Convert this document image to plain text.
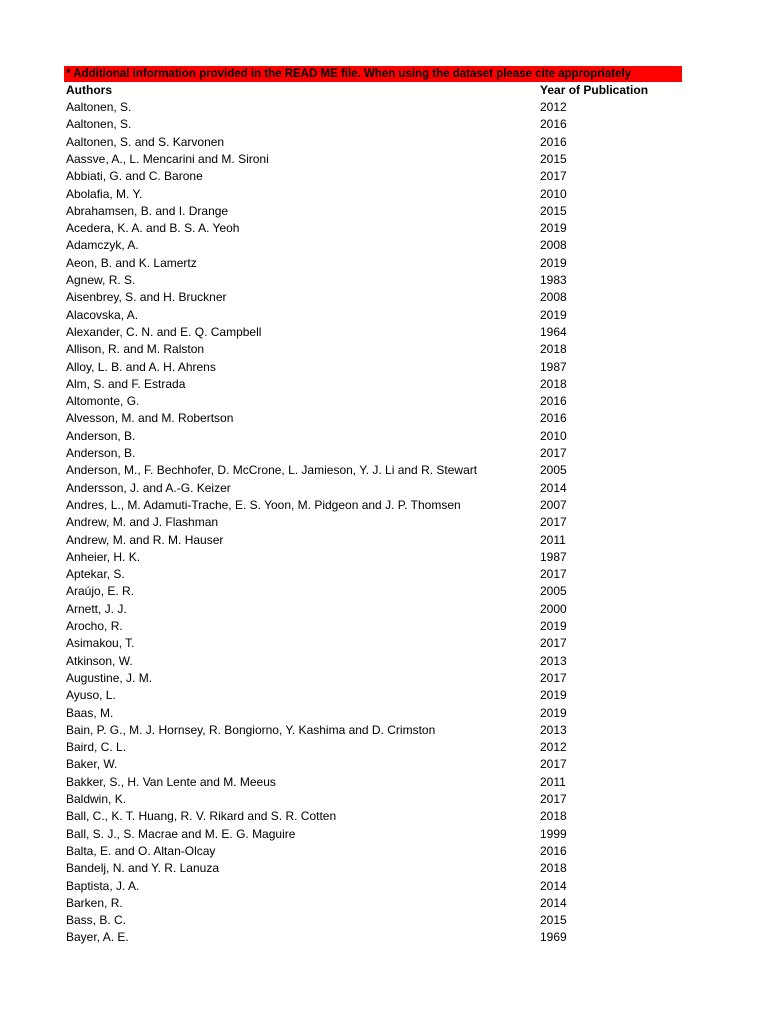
* Additional information provided in the READ ME file. When using the dataset please cite appropriately
Authors	Year of Publication
Aaltonen, S.	2012
Aaltonen, S.	2016
Aaltonen, S. and S. Karvonen	2016
Aassve, A., L. Mencarini and M. Sironi	2015
Abbiati, G. and C. Barone	2017
Abolafia, M. Y.	2010
Abrahamsen, B. and I. Drange	2015
Acedera, K. A. and B. S. A. Yeoh	2019
Adamczyk, A.	2008
Aeon, B. and K. Lamertz	2019
Agnew, R. S.	1983
Aisenbrey, S. and H. Bruckner	2008
Alacovska, A.	2019
Alexander, C. N. and E. Q. Campbell	1964
Allison, R. and M. Ralston	2018
Alloy, L. B. and A. H. Ahrens	1987
Alm, S. and F. Estrada	2018
Altomonte, G.	2016
Alvesson, M. and M. Robertson	2016
Anderson, B.	2010
Anderson, B.	2017
Anderson, M., F. Bechhofer, D. McCrone, L. Jamieson, Y. J. Li and R. Stewart	2005
Andersson, J. and A.-G. Keizer	2014
Andres, L., M. Adamuti-Trache, E. S. Yoon, M. Pidgeon and J. P. Thomsen	2007
Andrew, M. and J. Flashman	2017
Andrew, M. and R. M. Hauser	2011
Anheier, H. K.	1987
Aptekar, S.	2017
Araújo, E. R.	2005
Arnett, J. J.	2000
Arocho, R.	2019
Asimakou, T.	2017
Atkinson, W.	2013
Augustine, J. M.	2017
Ayuso, L.	2019
Baas, M.	2019
Bain, P. G., M. J. Hornsey, R. Bongiorno, Y. Kashima and D. Crimston	2013
Baird, C. L.	2012
Baker, W.	2017
Bakker, S., H. Van Lente and M. Meeus	2011
Baldwin, K.	2017
Ball, C., K. T. Huang, R. V. Rikard and S. R. Cotten	2018
Ball, S. J., S. Macrae and M. E. G. Maguire	1999
Balta, E. and O. Altan-Olcay	2016
Bandelj, N. and Y. R. Lanuza	2018
Baptista, J. A.	2014
Barken, R.	2014
Bass, B. C.	2015
Bayer, A. E.	1969
